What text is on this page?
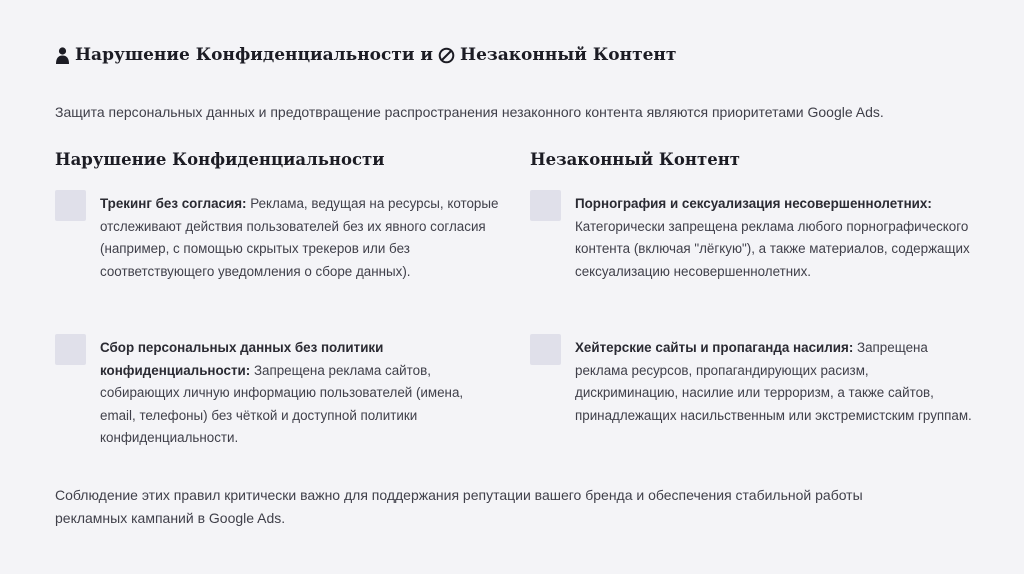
Нарушение Конфиденциальности и Незаконный Контент
Защита персональных данных и предотвращение распространения незаконного контента являются приоритетами Google Ads.
Нарушение Конфиденциальности	Незаконный Контент
Трекинг без согласия: Реклама, ведущая на ресурсы, которые отслеживают действия пользователей без их явного согласия (например, с помощью скрытых трекеров или без соответствующего уведомления о сборе данных).
Сбор персональных данных без политики конфиденциальности: Запрещена реклама сайтов, собирающих личную информацию пользователей (имена, email, телефоны) без чёткой и доступной политики конфиденциальности.
Порнография и сексуализация несовершеннолетних: Категорически запрещена реклама любого порнографического контента (включая "лёгкую"), а также материалов, содержащих сексуализацию несовершеннолетних.
Хейтерские сайты и пропаганда насилия: Запрещена реклама ресурсов, пропагандирующих расизм, дискриминацию, насилие или терроризм, а также сайтов, принадлежащих насильственным или экстремистским группам.
Соблюдение этих правил критически важно для поддержания репутации вашего бренда и обеспечения стабильной работы рекламных кампаний в Google Ads.
